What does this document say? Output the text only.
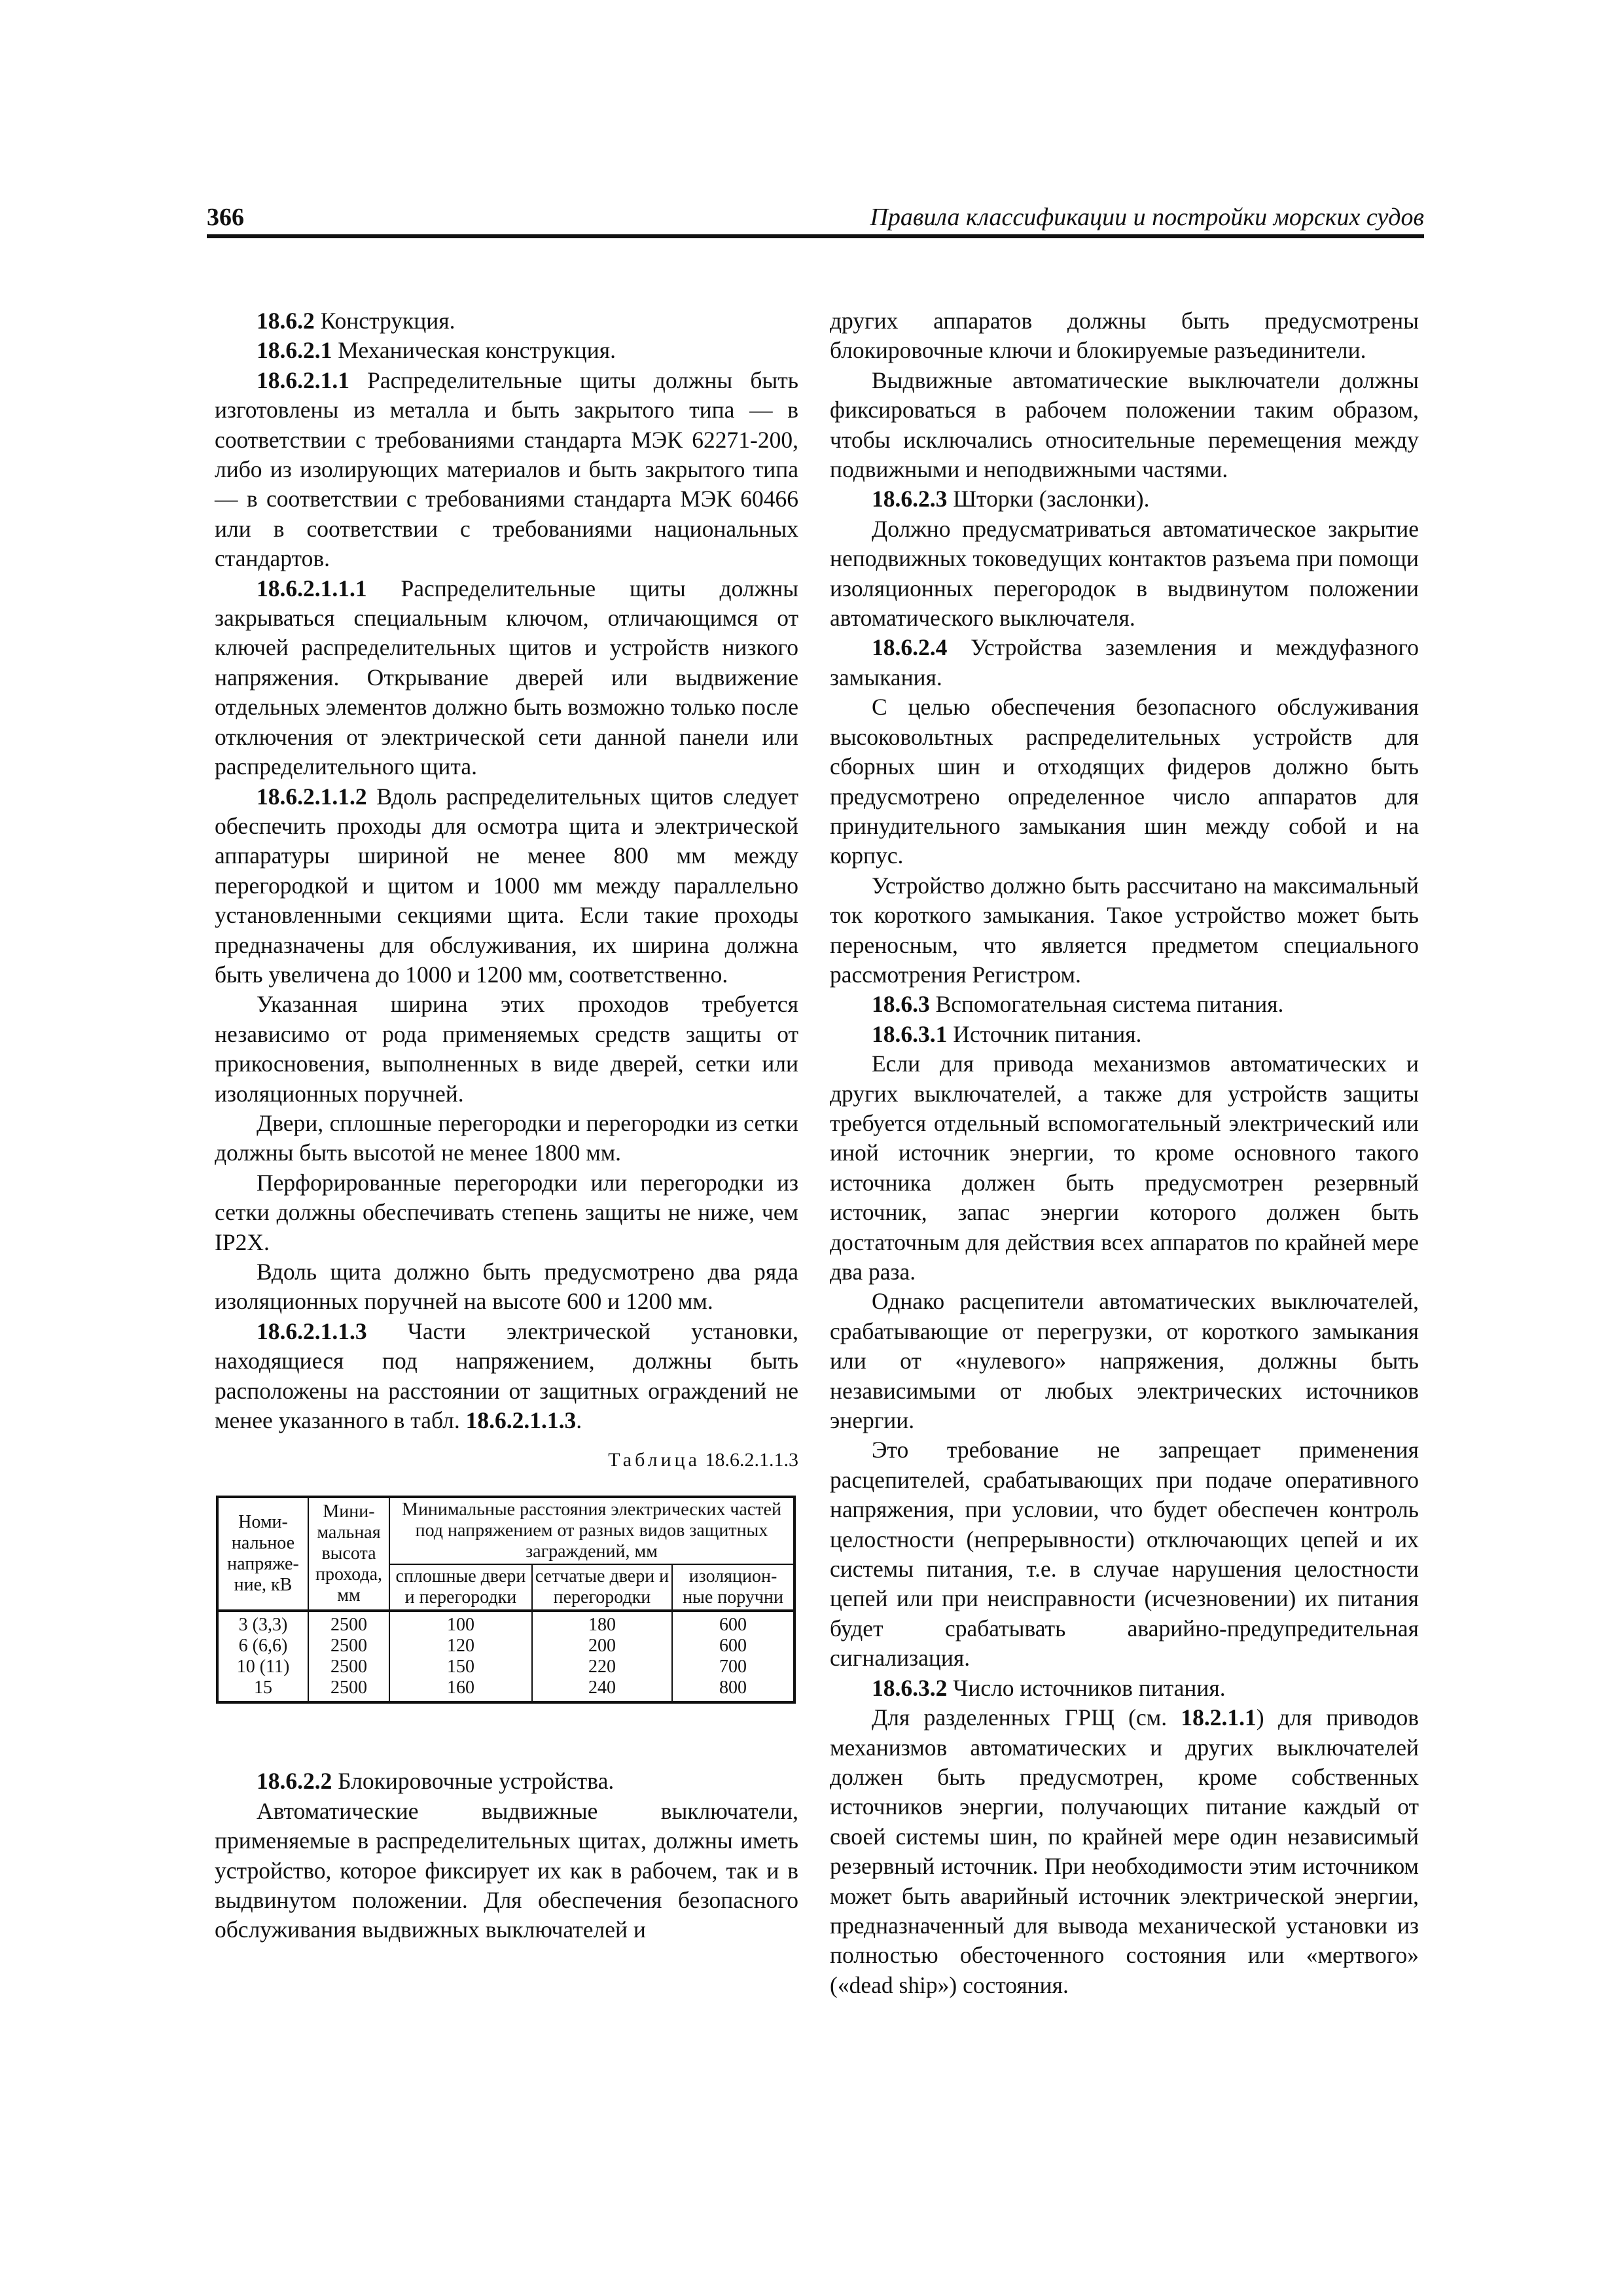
366	Правила классификации и постройки морских судов

18.6.2 Конструкция.

18.6.2.1 Механическая конструкция.

18.6.2.1.1 Распределительные щиты должны быть изготовлены из металла и быть закрытого типа — в соответствии с требованиями стандарта МЭК 62271-200, либо из изолирующих материалов и быть закрытого типа — в соответствии с требованиями стандарта МЭК 60466 или в соответствии с требованиями национальных стандартов.

18.6.2.1.1.1 Распределительные щиты должны закрываться специальным ключом, отличающимся от ключей распределительных щитов и устройств низкого напряжения. Открывание дверей или выдвижение отдельных элементов должно быть возможно только после отключения от электрической сети данной панели или распределительного щита.

18.6.2.1.1.2 Вдоль распределительных щитов следует обеспечить проходы для осмотра щита и электрической аппаратуры шириной не менее 800 мм между перегородкой и щитом и 1000 мм между параллельно установленными секциями щита. Если такие проходы предназначены для обслуживания, их ширина должна быть увеличена до 1000 и 1200 мм, соответственно.

Указанная ширина этих проходов требуется независимо от рода применяемых средств защиты от прикосновения, выполненных в виде дверей, сетки или изоляционных поручней.

Двери, сплошные перегородки и перегородки из сетки должны быть высотой не менее 1800 мм.

Перфорированные перегородки или перегородки из сетки должны обеспечивать степень защиты не ниже, чем IP2X.

Вдоль щита должно быть предусмотрено два ряда изоляционных поручней на высоте 600 и 1200 мм.

18.6.2.1.1.3 Части электрической установки, находящиеся под напряжением, должны быть расположены на расстоянии от защитных ограждений не менее указанного в табл. 18.6.2.1.1.3.

Таблица 18.6.2.1.1.3
Номи-нальное напряже-ние, кВ	Мини-мальная высота прохода, мм	Минимальные расстояния электрических частей под напряжением от разных видов защитных заграждений, мм		
		сплошные двери и перегородки	сетчатые двери и перегородки	изоляцион-ные поручни
3 (3,3)	2500	100	180	600
6 (6,6)	2500	120	200	600
10 (11)	2500	150	220	700
15	2500	160	240	800

18.6.2.2 Блокировочные устройства.

Автоматические выдвижные выключатели, применяемые в распределительных щитах, должны иметь устройство, которое фиксирует их как в рабочем, так и в выдвинутом положении. Для обеспечения безопасного обслуживания выдвижных выключателей и

других аппаратов должны быть предусмотрены блокировочные ключи и блокируемые разъединители.

Выдвижные автоматические выключатели должны фиксироваться в рабочем положении таким образом, чтобы исключались относительные перемещения между подвижными и неподвижными частями.

18.6.2.3 Шторки (заслонки).

Должно предусматриваться автоматическое закрытие неподвижных токоведущих контактов разъема при помощи изоляционных перегородок в выдвинутом положении автоматического выключателя.

18.6.2.4 Устройства заземления и междуфазного замыкания.

С целью обеспечения безопасного обслуживания высоковольтных распределительных устройств для сборных шин и отходящих фидеров должно быть предусмотрено определенное число аппаратов для принудительного замыкания шин между собой и на корпус.

Устройство должно быть рассчитано на максимальный ток короткого замыкания. Такое устройство может быть переносным, что является предметом специального рассмотрения Регистром.

18.6.3 Вспомогательная система питания.

18.6.3.1 Источник питания.

Если для привода механизмов автоматических и других выключателей, а также для устройств защиты требуется отдельный вспомогательный электрический или иной источник энергии, то кроме основного такого источника должен быть предусмотрен резервный источник, запас энергии которого должен быть достаточным для действия всех аппаратов по крайней мере два раза.

Однако расцепители автоматических выключателей, срабатывающие от перегрузки, от короткого замыкания или от «нулевого» напряжения, должны быть независимыми от любых электрических источников энергии.

Это требование не запрещает применения расцепителей, срабатывающих при подаче оперативного напряжения, при условии, что будет обеспечен контроль целостности (непрерывности) отключающих цепей и их системы питания, т.е. в случае нарушения целостности цепей или при неисправности (исчезновении) их питания будет срабатывать аварийно-предупредительная сигнализация.

18.6.3.2 Число источников питания.

Для разделенных ГРЩ (см. 18.2.1.1) для приводов механизмов автоматических и других выключателей должен быть предусмотрен, кроме собственных источников энергии, получающих питание каждый от своей системы шин, по крайней мере один независимый резервный источник. При необходимости этим источником может быть аварийный источник электрической энергии, предназначенный для вывода механической установки из полностью обесточенного состояния или «мертвого» («dead ship») состояния.
